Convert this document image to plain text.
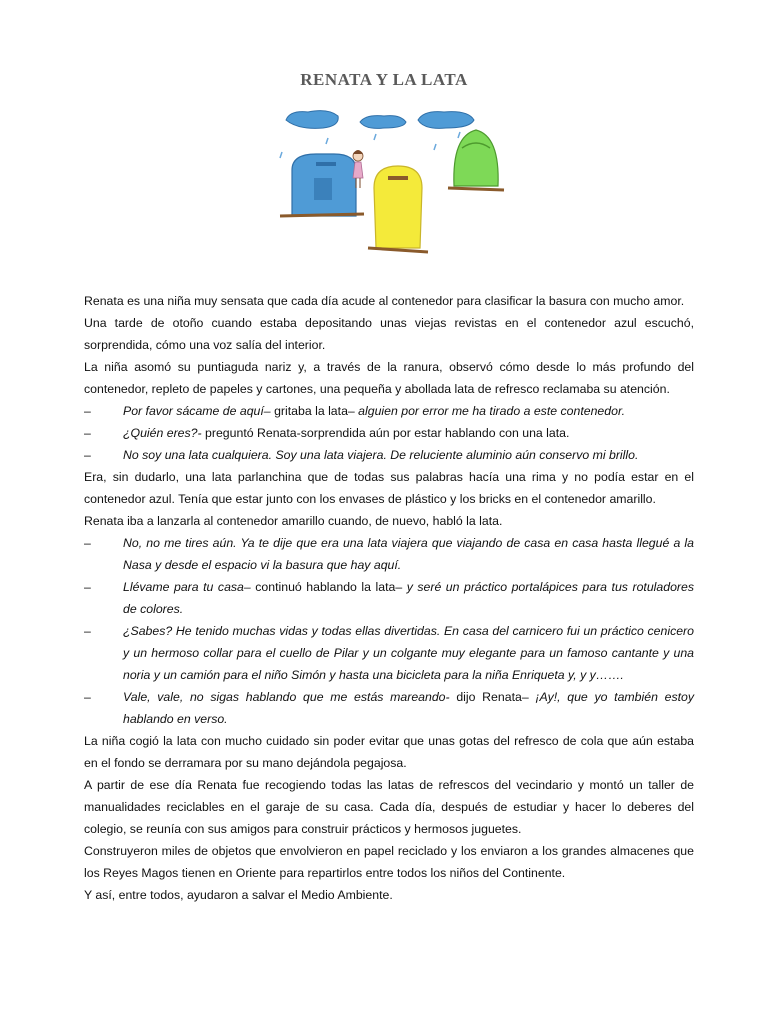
RENATA Y LA LATA

Renata es una niña muy sensata que cada día acude al contenedor para clasificar la basura con mucho amor.

Una tarde de otoño cuando estaba depositando unas viejas revistas en el contenedor azul escuchó, sorprendida, cómo una voz salía del interior.

La niña asomó su puntiaguda nariz y, a través de la ranura, observó cómo desde lo más profundo del contenedor, repleto de papeles y cartones, una pequeña y abollada lata de refresco reclamaba su atención.

–	Por favor sácame de aquí– gritaba la lata– alguien por error me ha tirado a este contenedor.
–	¿Quién eres?- preguntó Renata-sorprendida aún por estar hablando con una lata.
–	No soy una lata cualquiera. Soy una lata viajera. De reluciente aluminio aún conservo mi brillo.

Era, sin dudarlo, una lata parlanchina que de todas sus palabras hacía una rima y no podía estar en el contenedor azul. Tenía que estar junto con los envases de plástico y los bricks en el contenedor amarillo.

Renata iba a lanzarla al contenedor amarillo cuando, de nuevo, habló la lata.

–	No, no me tires aún. Ya te dije que era una lata viajera que viajando de casa en casa hasta llegué a la Nasa y desde el espacio vi la basura que hay aquí.
–	Llévame para tu casa– continuó hablando la lata– y seré un práctico portalápices para tus rotuladores de colores.
–	¿Sabes? He tenido muchas vidas y todas ellas divertidas. En casa del carnicero fui un práctico cenicero y un hermoso collar para el cuello de Pilar y un colgante muy elegante para un famoso cantante y una noria y un camión para el niño Simón y hasta una bicicleta para la niña Enriqueta y, y y…….
–	Vale, vale, no sigas hablando que me estás mareando- dijo Renata– ¡Ay!, que yo también estoy hablando en verso.

La niña cogió la lata con mucho cuidado sin poder evitar que unas gotas del refresco de cola que aún estaba en el fondo se derramara por su mano dejándola pegajosa.

A partir de ese día Renata fue recogiendo todas las latas de refrescos del vecindario y montó un taller de manualidades reciclables en el garaje de su casa. Cada día, después de estudiar y hacer lo deberes del colegio, se reunía con sus amigos para construir prácticos y hermosos juguetes.

Construyeron miles de objetos que envolvieron en papel reciclado y los enviaron a los grandes almacenes que los Reyes Magos tienen en Oriente para repartirlos entre todos los niños del Continente.

Y así, entre todos, ayudaron a salvar el Medio Ambiente.
